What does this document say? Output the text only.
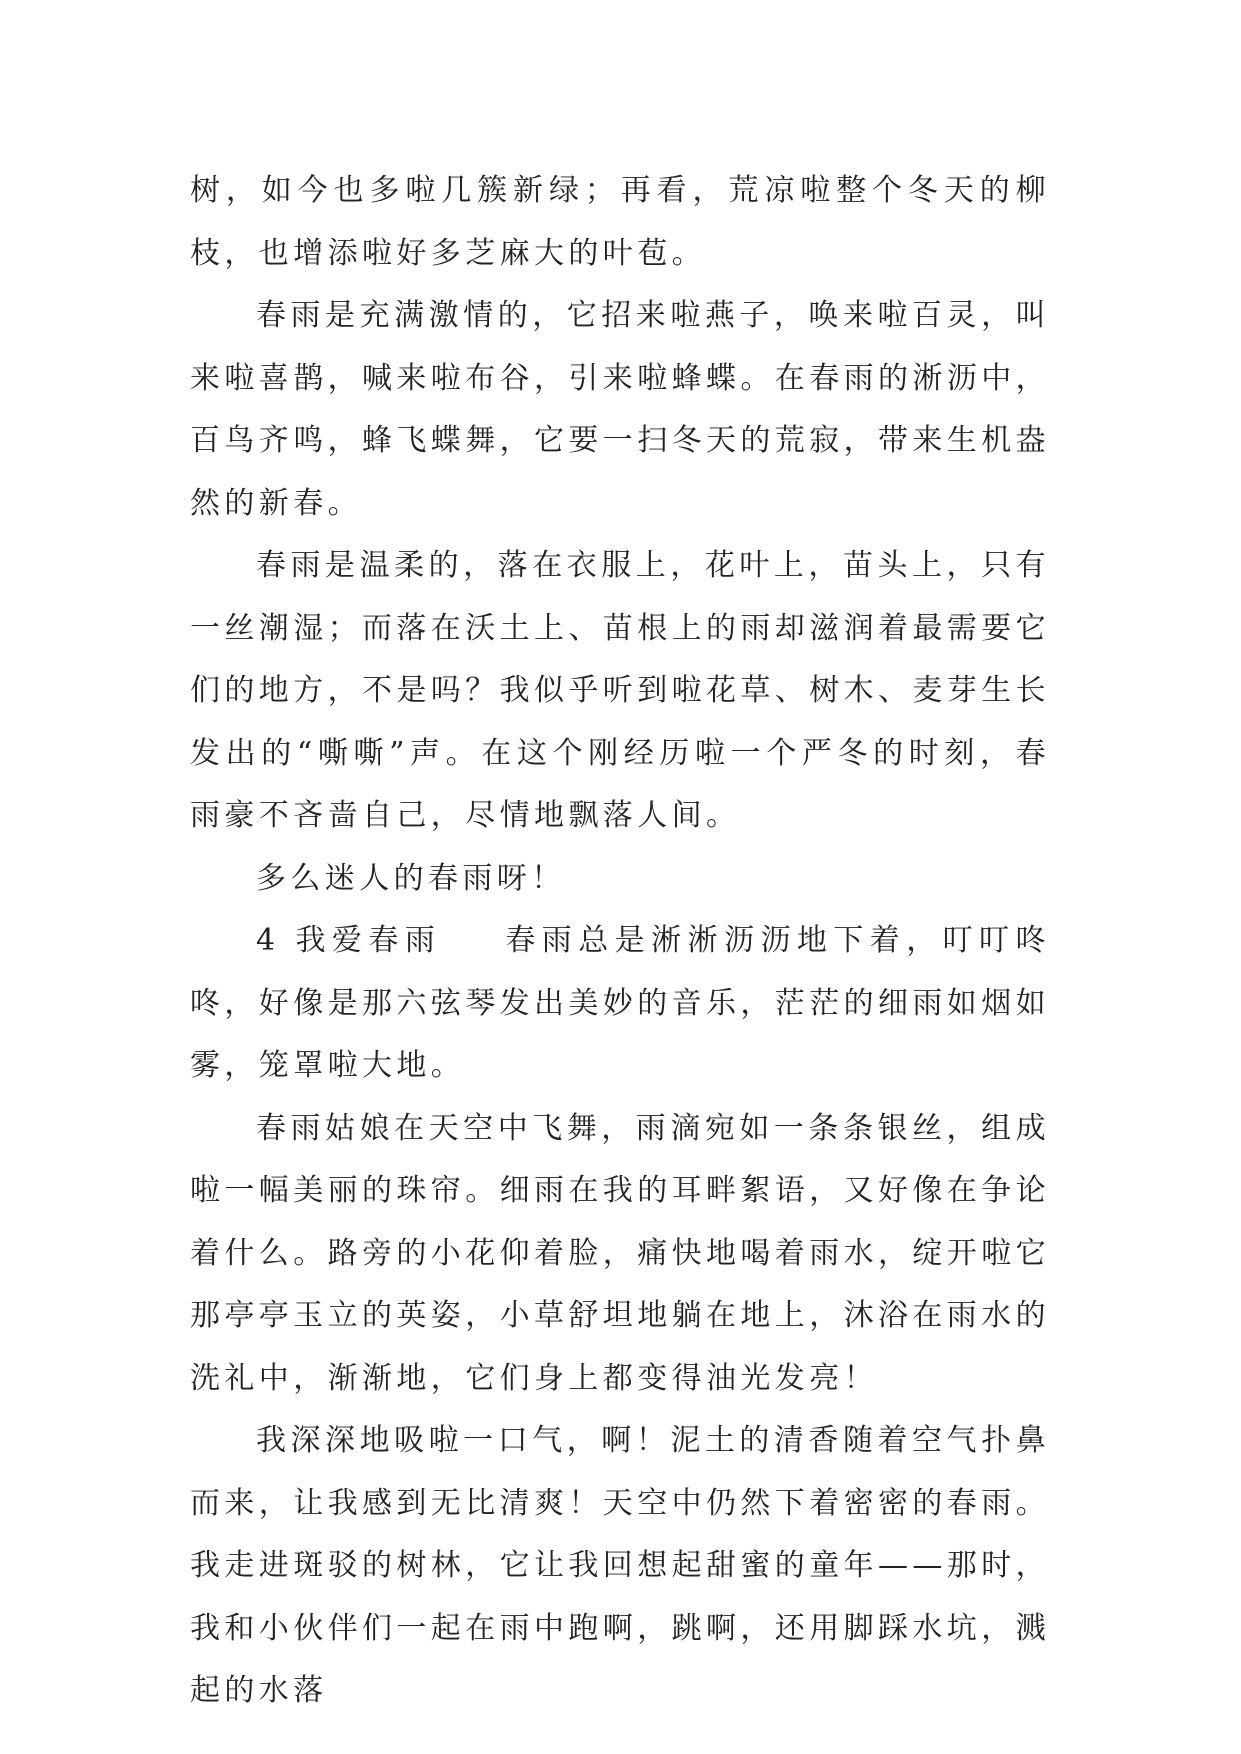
树，如今也多啦几簇新绿；再看，荒凉啦整个冬天的柳枝，也增添啦好多芝麻大的叶苞。

春雨是充满激情的，它招来啦燕子，唤来啦百灵，叫来啦喜鹊，喊来啦布谷，引来啦蜂蝶。在春雨的淅沥中，百鸟齐鸣，蜂飞蝶舞，它要一扫冬天的荒寂，带来生机盎然的新春。

春雨是温柔的，落在衣服上，花叶上，苗头上，只有一丝潮湿；而落在沃土上、苗根上的雨却滋润着最需要它们的地方，不是吗？我似乎听到啦花草、树木、麦芽生长发出的“嘶嘶”声。在这个刚经历啦一个严冬的时刻，春雨豪不吝啬自己，尽情地飘落人间。

多么迷人的春雨呀！

4 我爱春雨 春雨总是淅淅沥沥地下着，叮叮咚咚，好像是那六弦琴发出美妙的音乐，茫茫的细雨如烟如雾，笼罩啦大地。

春雨姑娘在天空中飞舞，雨滴宛如一条条银丝，组成啦一幅美丽的珠帘。细雨在我的耳畔絮语，又好像在争论着什么。路旁的小花仰着脸，痛快地喝着雨水，绽开啦它那亭亭玉立的英姿，小草舒坦地躺在地上，沐浴在雨水的洗礼中，渐渐地，它们身上都变得油光发亮！

我深深地吸啦一口气，啊！泥土的清香随着空气扑鼻而来，让我感到无比清爽！天空中仍然下着密密的春雨。我走进斑驳的树林，它让我回想起甜蜜的童年——那时，我和小伙伴们一起在雨中跑啊，跳啊，还用脚踩水坑，溅起的水落
